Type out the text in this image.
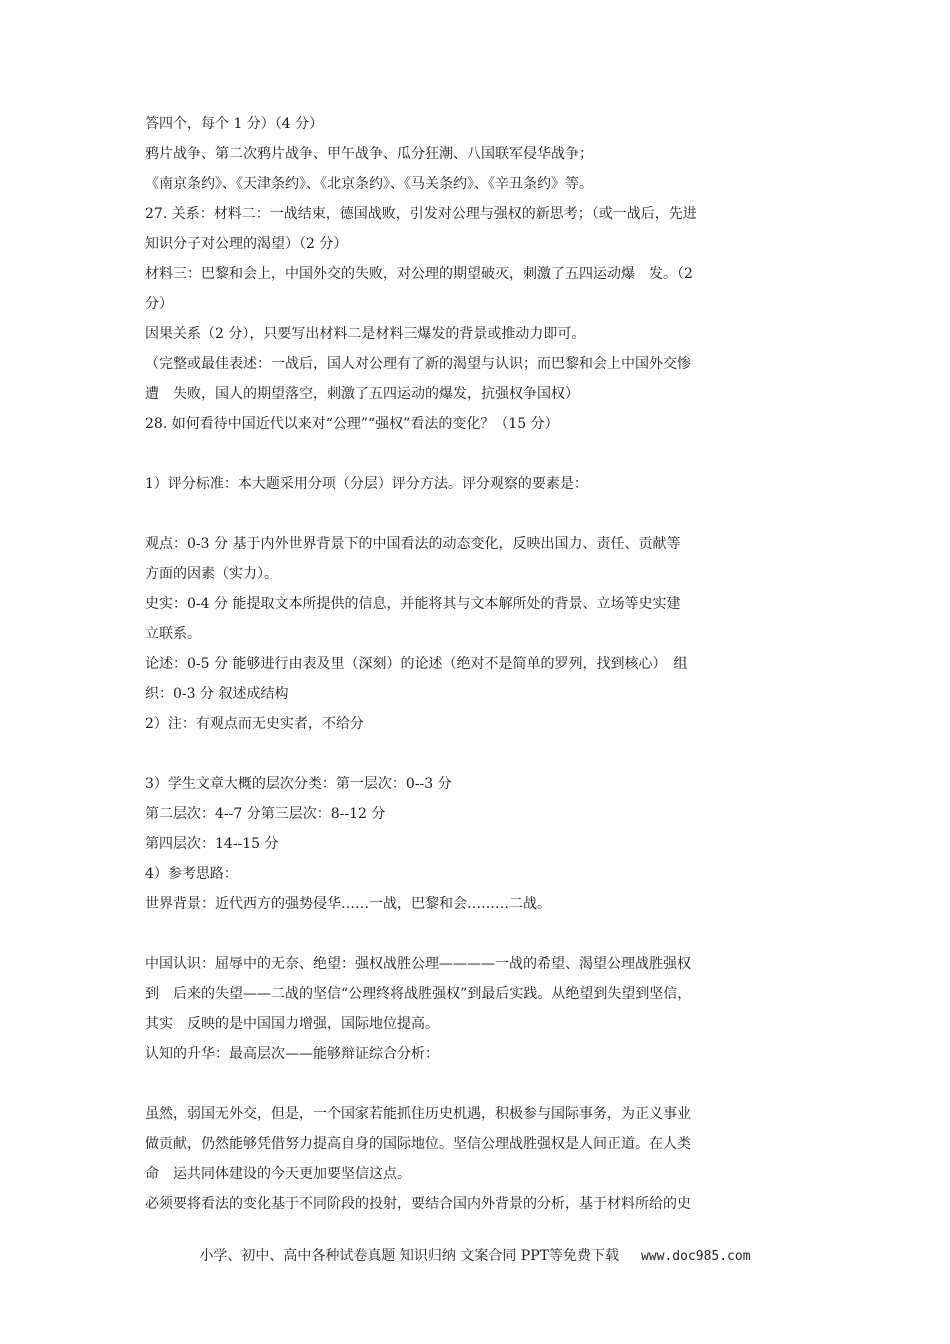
答四个，每个 1 分）（4 分）
鸦片战争、第二次鸦片战争、甲午战争、瓜分狂潮、八国联军侵华战争；
《南京条约》、《天津条约》、《北京条约》、《马关条约》、《辛丑条约》等。
27. 关系：材料二：一战结束，德国战败，引发对公理与强权的新思考；（或一战后，先进
知识分子对公理的渴望）（2 分）
材料三：巴黎和会上，中国外交的失败，对公理的期望破灭，刺激了五四运动爆　发。（2
分）
因果关系（2 分），只要写出材料二是材料三爆发的背景或推动力即可。
（完整或最佳表述：一战后，国人对公理有了新的渴望与认识；而巴黎和会上中国外交惨
遭　失败，国人的期望落空，刺激了五四运动的爆发，抗强权争国权）
28. 如何看待中国近代以来对“公理”“强权”看法的变化？（15 分）
1）评分标准：本大题采用分项（分层）评分方法。评分观察的要素是：
观点：0-3 分 基于内外世界背景下的中国看法的动态变化，反映出国力、责任、贡献等
方面的因素（实力）。
史实：0-4 分 能提取文本所提供的信息，并能将其与文本解所处的背景、立场等史实建
立联系。
论述：0-5 分 能够进行由表及里（深刻）的论述（绝对不是简单的罗列，找到核心）　组
织：0-3 分 叙述成结构
2）注：有观点而无史实者，不给分
3）学生文章大概的层次分类：第一层次：0--3 分
第二层次：4--7 分第三层次：8--12 分
第四层次：14--15 分
4）参考思路：
世界背景：近代西方的强势侵华……一战，巴黎和会………二战。
中国认识：屈辱中的无奈、绝望：强权战胜公理————一战的希望、渴望公理战胜强权
到　后来的失望——二战的坚信“公理终将战胜强权”到最后实践。从绝望到失望到坚信，
其实　反映的是中国国力增强，国际地位提高。
认知的升华：最高层次——能够辩证综合分析：
虽然，弱国无外交，但是，一个国家若能抓住历史机遇，积极参与国际事务，为正义事业
做贡献，仍然能够凭借努力提高自身的国际地位。坚信公理战胜强权是人间正道。在人类
命　运共同体建设的今天更加要坚信这点。
必须要将看法的变化基于不同阶段的投射，要结合国内外背景的分析，基于材料所给的史
小学、初中、高中各种试卷真题 知识归纳 文案合同 PPT等免费下载 www.doc985.com
